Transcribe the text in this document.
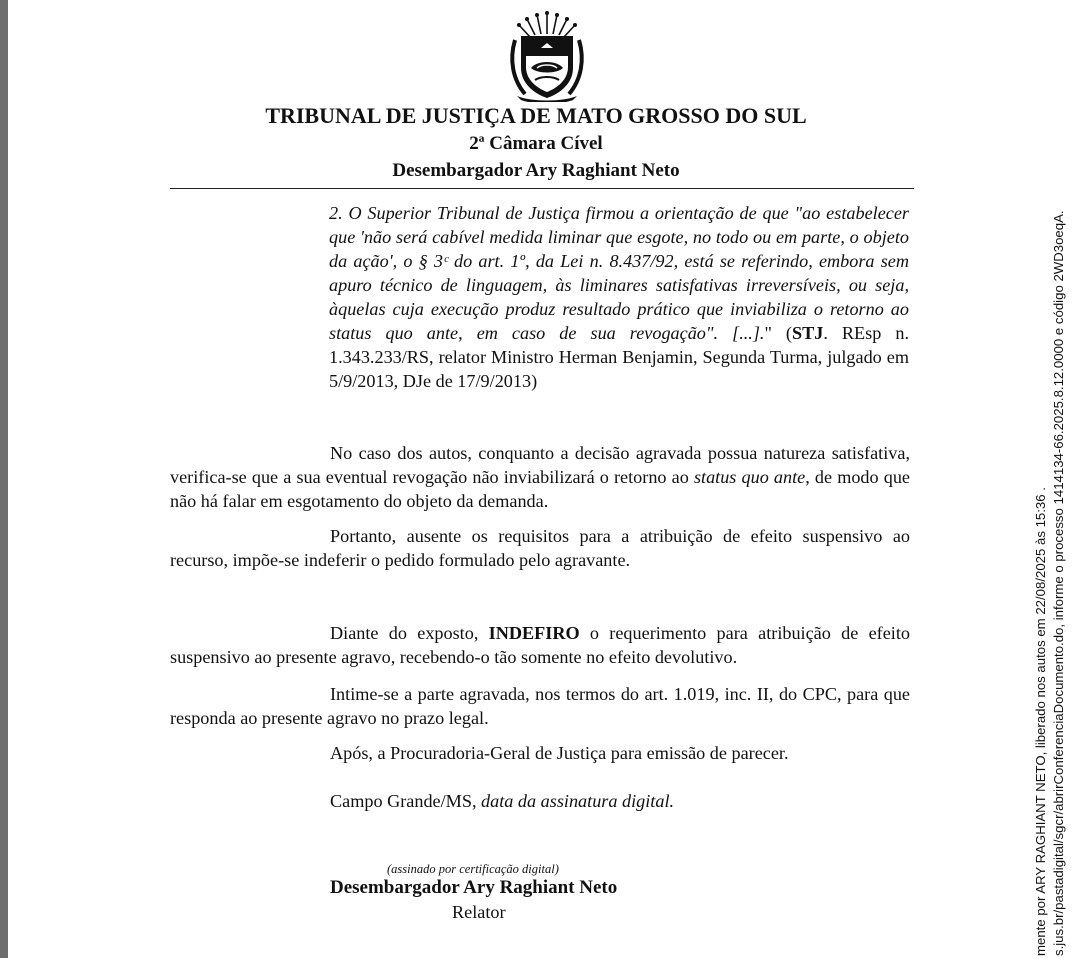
TRIBUNAL DE JUSTIÇA DE MATO GROSSO DO SUL
2ª Câmara Cível
Desembargador Ary Raghiant Neto
2. O Superior Tribunal de Justiça firmou a orientação de que "ao estabelecer que 'não será cabível medida liminar que esgote, no todo ou em parte, o objeto da ação', o § 3ᶜ do art. 1º, da Lei n. 8.437/92, está se referindo, embora sem apuro técnico de linguagem, às liminares satisfativas irreversíveis, ou seja, àquelas cuja execução produz resultado prático que inviabiliza o retorno ao status quo ante, em caso de sua revogação". [...]." (STJ. REsp n. 1.343.233/RS, relator Ministro Herman Benjamin, Segunda Turma, julgado em 5/9/2013, DJe de 17/9/2013)
No caso dos autos, conquanto a decisão agravada possua natureza satisfativa, verifica-se que a sua eventual revogação não inviabilizará o retorno ao status quo ante, de modo que não há falar em esgotamento do objeto da demanda.
Portanto, ausente os requisitos para a atribuição de efeito suspensivo ao recurso, impõe-se indeferir o pedido formulado pelo agravante.
Diante do exposto, INDEFIRO o requerimento para atribuição de efeito suspensivo ao presente agravo, recebendo-o tão somente no efeito devolutivo.
Intime-se a parte agravada, nos termos do art. 1.019, inc. II, do CPC, para que responda ao presente agravo no prazo legal.
Após, a Procuradoria-Geral de Justiça para emissão de parecer.
Campo Grande/MS, data da assinatura digital.
(assinado por certificação digital)
Desembargador Ary Raghiant Neto
Relator	mente por ARY RAGHIANT NETO, liberado nos autos em 22/08/2025 às 15:36 . s.jus.br/pastadigital/sgcr/abrirConferenciaDocumento.do, informe o processo 1414134-66.2025.8.12.0000 e código 2WD3oeqA.
